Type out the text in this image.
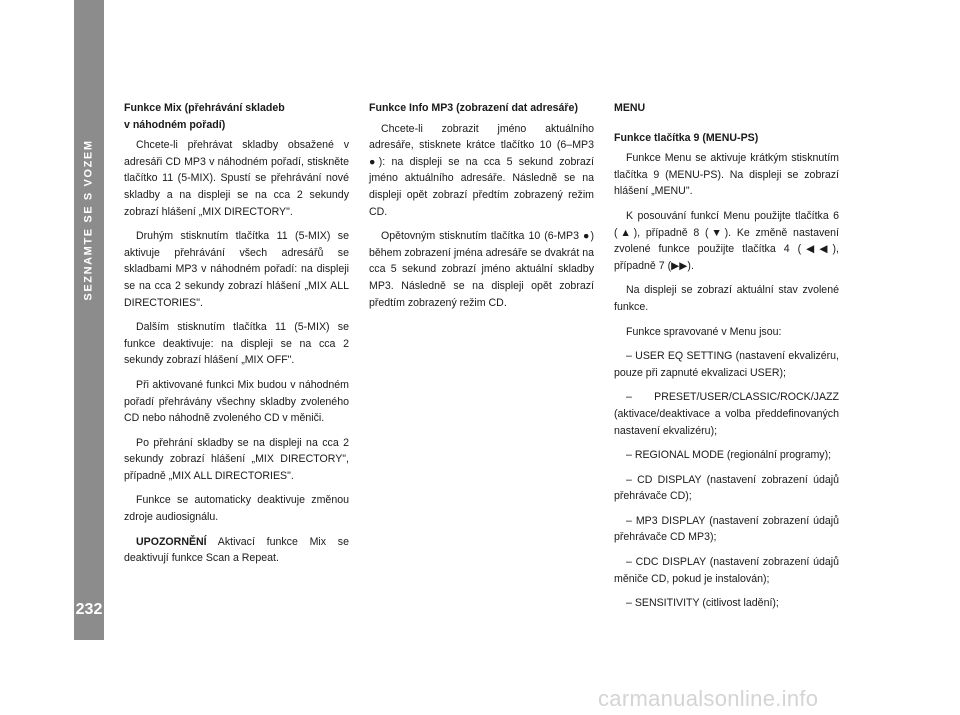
SEZNAMTE SE S VOZEM
232

Funkce Mix (přehrávání skladeb
v náhodném pořadí)

Chcete-li přehrávat skladby obsažené v adresáři CD MP3 v náhodném pořadí, stiskněte tlačítko 11 (5-MIX). Spustí se přehrávání nové skladby a na displeji se na cca 2 sekundy zobrazí hlášení „MIX DIRECTORY".

Druhým stisknutím tlačítka 11 (5-MIX) se aktivuje přehrávání všech adresářů se skladbami MP3 v náhodném pořadí: na displeji se na cca 2 sekundy zobrazí hlášení „MIX ALL DIRECTORIES".

Dalším stisknutím tlačítka 11 (5-MIX) se funkce deaktivuje: na displeji se na cca 2 sekundy zobrazí hlášení „MIX OFF".

Při aktivované funkci Mix budou v náhodném pořadí přehrávány všechny skladby zvoleného CD nebo náhodně zvoleného CD v měniči.

Po přehrání skladby se na displeji na cca 2 sekundy zobrazí hlášení „MIX DIRECTORY", případně „MIX ALL DIRECTORIES".

Funkce se automaticky deaktivuje změnou zdroje audiosignálu.

UPOZORNĚNÍ Aktivací funkce Mix se deaktivují funkce Scan a Repeat.

Funkce Info MP3 (zobrazení dat adresáře)

Chcete-li zobrazit jméno aktuálního adresáře, stisknete krátce tlačítko 10 (6–MP3 ●): na displeji se na cca 5 sekund zobrazí jméno aktuálního adresáře. Následně se na displeji opět zobrazí předtím zobrazený režim CD.

Opětovným stisknutím tlačítka 10 (6-MP3 ●) během zobrazení jména adresáře se dvakrát na cca 5 sekund zobrazí jméno aktuální skladby MP3. Následně se na displeji opět zobrazí předtím zobrazený režim CD.

MENU

Funkce tlačítka 9 (MENU-PS)

Funkce Menu se aktivuje krátkým stisknutím tlačítka 9 (MENU-PS). Na displeji se zobrazí hlášení „MENU".

K posouvání funkcí Menu použijte tlačítka 6 (▲), případně 8 (▼). Ke změně nastavení zvolené funkce použijte tlačítka 4 (◀◀), případně 7 (▶▶).

Na displeji se zobrazí aktuální stav zvolené funkce.

Funkce spravované v Menu jsou:

– USER EQ SETTING (nastavení ekvalizéru, pouze při zapnuté ekvalizaci USER);

– PRESET/USER/CLASSIC/ROCK/JAZZ (aktivace/deaktivace a volba předdefinovaných nastavení ekvalizéru);

– REGIONAL MODE (regionální programy);

– CD DISPLAY (nastavení zobrazení údajů přehrávače CD);

– MP3 DISPLAY (nastavení zobrazení údajů přehrávače CD MP3);

– CDC DISPLAY (nastavení zobrazení údajů měniče CD, pokud je instalován);

– SENSITIVITY (citlivost ladění);

carmanualsonline.info
